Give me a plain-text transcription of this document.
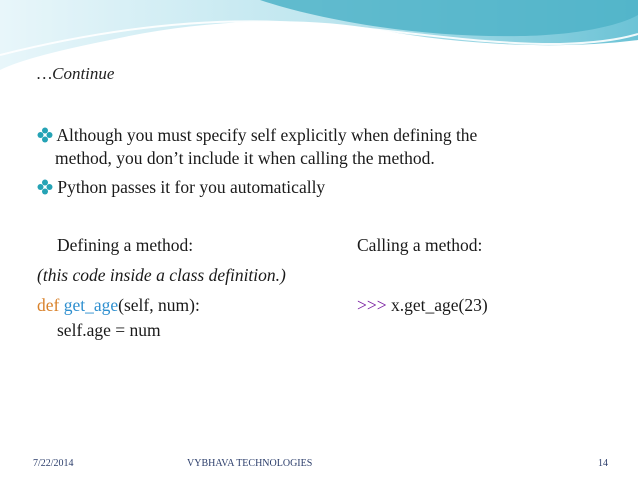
…Continue
Although you must specify self explicitly when defining the
method, you don’t include it when calling the method.
Python passes it for you automatically
Defining a method:
(this code inside a class definition.)
def get_age(self, num):
self.age = num
Calling a method:
>>> x.get_age(23)
7/22/2014	VYBHAVA TECHNOLOGIES	14
